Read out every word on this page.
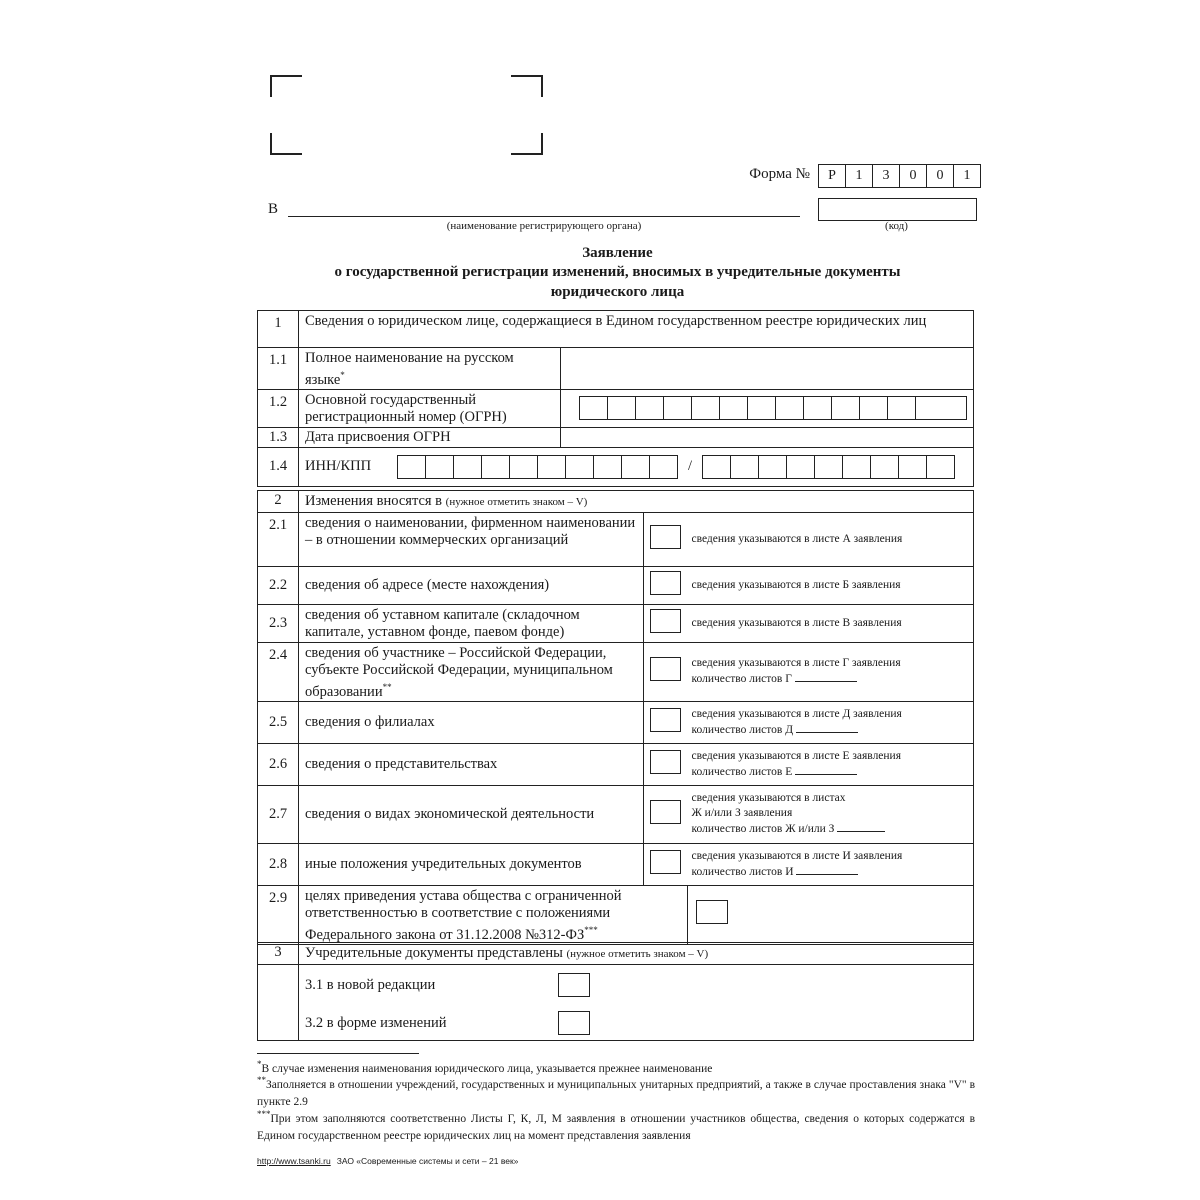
Форма №	Р	1	3	0	0	1
В
(наименование регистрирующего органа)	(код)
Заявление
о государственной регистрации изменений, вносимых в учредительные документы
юридического лица
1	Сведения о юридическом лице, содержащиеся в Едином государственном реестре юридических лиц	
1.1	Полное наименование на русском языке*	
1.2	Основной государственный регистрационный номер (ОГРН)	

1.3	Дата присвоения ОГРН	
1.4	ИНН/КПП /	
2	Изменения вносятся в (нужное отметить знаком – V)		
2.1	сведения о наименовании, фирменном наименовании – в отношении коммерческих организаций		сведения указываются в листе А заявления
2.2	сведения об адресе (месте нахождения)		сведения указываются в листе Б заявления
2.3	сведения об уставном капитале (складочном капитале, уставном фонде, паевом фонде)		сведения указываются в листе В заявления
2.4	сведения об участнике – Российской Федерации, субъекте Российской Федерации, муниципальном образовании**		сведения указываются в листе Г заявления
количество листов Г

2.5	сведения о филиалах		сведения указываются в листе Д заявления
количество листов Д

2.6	сведения о представительствах		сведения указываются в листе Е заявления
количество листов Е

2.7	сведения о видах экономической деятельности		сведения указываются в листах
Ж и/или З заявления
количество листов Ж и/или З

2.8	иные положения учредительных документов		сведения указываются в листе И заявления
количество листов И

2.9	целях приведения устава общества с ограниченной ответственностью в соответствие с положениями Федерального закона от 31.12.2008 №312-ФЗ***	
3	Учредительные документы представлены (нужное отметить знаком – V)

	3.1 в новой редакции
3.2 в форме изменений
*В случае изменения наименования юридического лица, указывается прежнее наименование
**Заполняется в отношении учреждений, государственных и муниципальных унитарных предприятий, а также в случае проставления знака "V" в пункте 2.9
***При этом заполняются соответственно Листы Г, К, Л, М заявления в отношении участников общества, сведения о которых содержатся в Едином государственном реестре юридических лиц на момент представления заявления
http://www.tsanki.ru ЗАО «Современные системы и сети – 21 век»
